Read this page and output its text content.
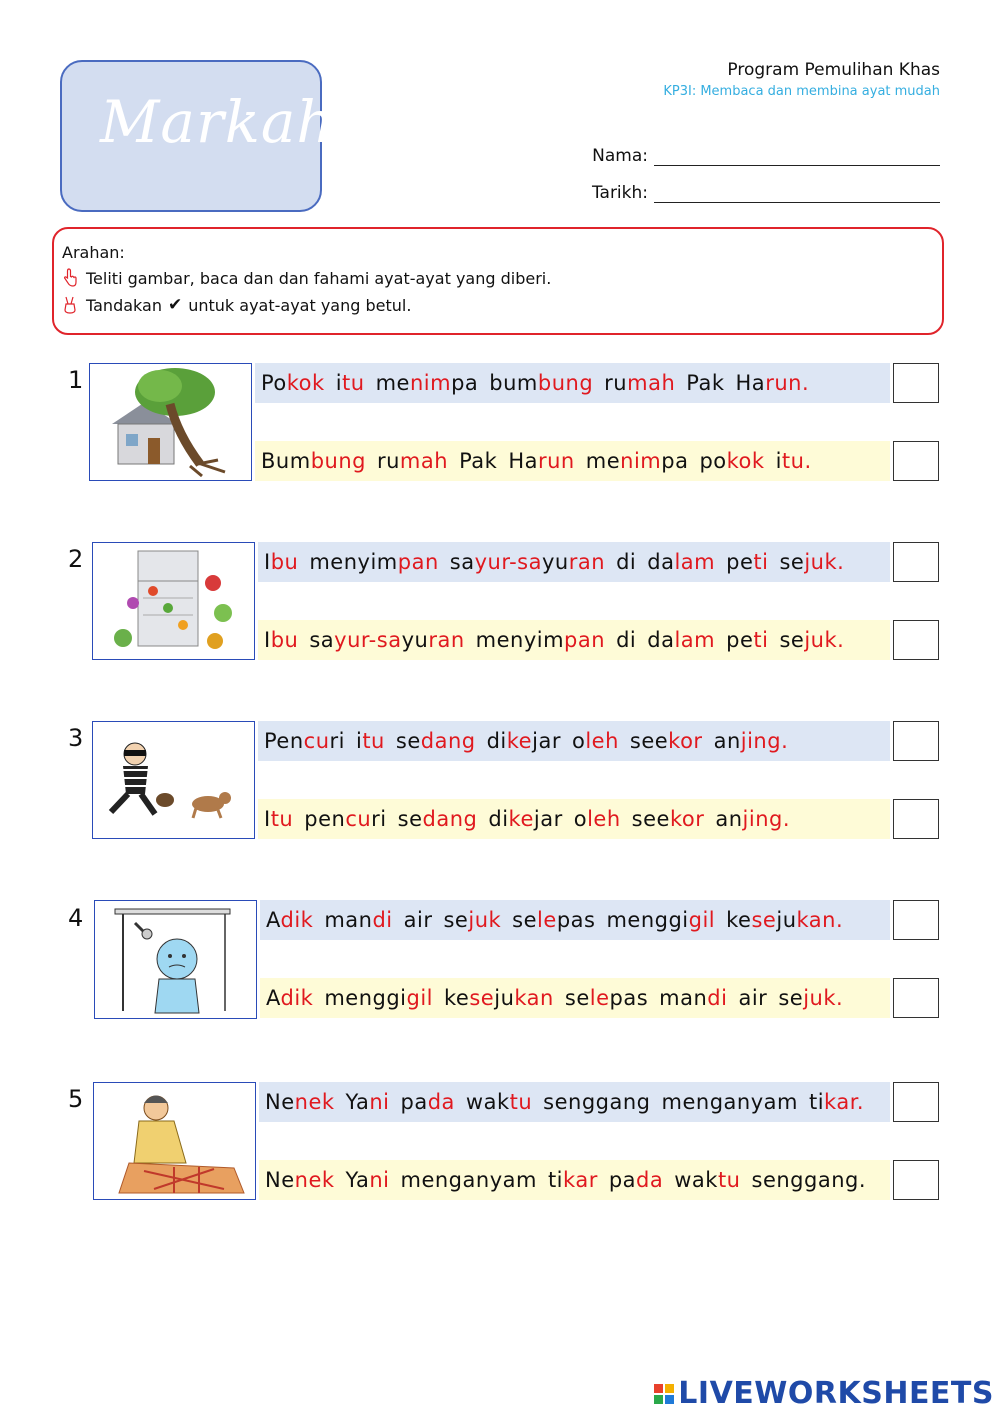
Markah
Program Pemulihan Khas
KP3I: Membaca dan membina ayat mudah
Nama:
Tarikh:
Arahan:
Teliti gambar, baca dan dan fahami ayat-ayat yang diberi.
Tandakan ✔ untuk ayat-ayat yang betul.
1	Pokok itu menimpa bumbung rumah Pak Harun.
Bumbung rumah Pak Harun menimpa pokok itu.
2	Ibu menyimpan sayur-sayuran di dalam peti sejuk.
Ibu sayur-sayuran menyimpan di dalam peti sejuk.
3	Pencuri itu sedang dikejar oleh seekor anjing.
Itu pencuri sedang dikejar oleh seekor anjing.
4	Adik mandi air sejuk selepas menggigil kesejukan.
Adik menggigil kesejukan selepas mandi air sejuk.
5	Nenek Yani pada waktu senggang menganyam tikar.
Nenek Yani menganyam tikar pada waktu senggang.
LIVEWORKSHEETS
